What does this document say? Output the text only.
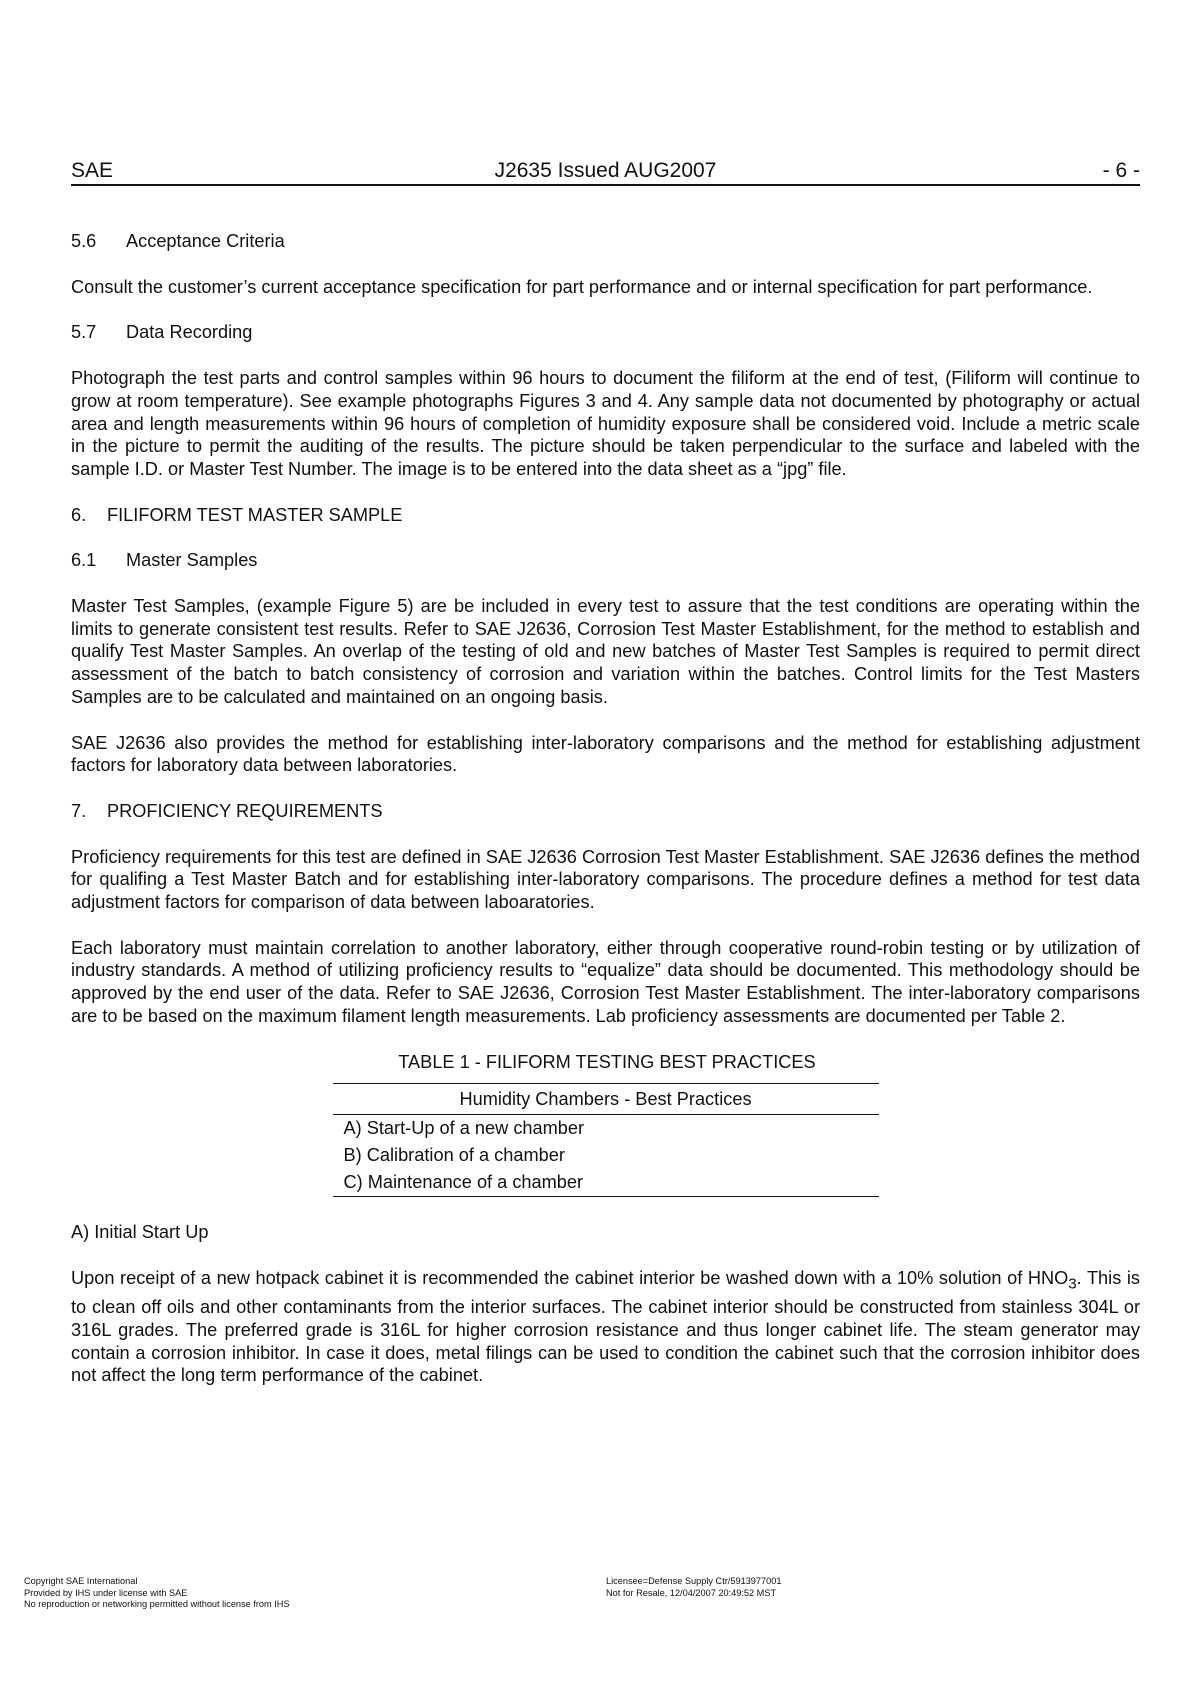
SAE	J2635 Issued AUG2007	- 6 -
5.6 Acceptance Criteria

Consult the customer’s current acceptance specification for part performance and or internal specification for part performance.

5.7 Data Recording

Photograph the test parts and control samples within 96 hours to document the filiform at the end of test, (Filiform will continue to grow at room temperature). See example photographs Figures 3 and 4. Any sample data not documented by photography or actual area and length measurements within 96 hours of completion of humidity exposure shall be considered void. Include a metric scale in the picture to permit the auditing of the results. The picture should be taken perpendicular to the surface and labeled with the sample I.D. or Master Test Number. The image is to be entered into the data sheet as a “jpg” file.

6. FILIFORM TEST MASTER SAMPLE
6.1 Master Samples

Master Test Samples, (example Figure 5) are be included in every test to assure that the test conditions are operating within the limits to generate consistent test results. Refer to SAE J2636, Corrosion Test Master Establishment, for the method to establish and qualify Test Master Samples. An overlap of the testing of old and new batches of Master Test Samples is required to permit direct assessment of the batch to batch consistency of corrosion and variation within the batches. Control limits for the Test Masters Samples are to be calculated and maintained on an ongoing basis.

SAE J2636 also provides the method for establishing inter-laboratory comparisons and the method for establishing adjustment factors for laboratory data between laboratories.

7. PROFICIENCY REQUIREMENTS

Proficiency requirements for this test are defined in SAE J2636 Corrosion Test Master Establishment. SAE J2636 defines the method for qualifing a Test Master Batch and for establishing inter-laboratory comparisons. The procedure defines a method for test data adjustment factors for comparison of data between laboaratories.

Each laboratory must maintain correlation to another laboratory, either through cooperative round-robin testing or by utilization of industry standards. A method of utilizing proficiency results to “equalize” data should be documented. This methodology should be approved by the end user of the data. Refer to SAE J2636, Corrosion Test Master Establishment. The inter-laboratory comparisons are to be based on the maximum filament length measurements. Lab proficiency assessments are documented per Table 2.

TABLE 1 - FILIFORM TESTING BEST PRACTICES
Humidity Chambers - Best Practices
A) Start-Up of a new chamber
B) Calibration of a chamber
C) Maintenance of a chamber
A) Initial Start Up

Upon receipt of a new hotpack cabinet it is recommended the cabinet interior be washed down with a 10% solution of $HNO_3$. This is to clean off oils and other contaminants from the interior surfaces. The cabinet interior should be constructed from stainless 304L or 316L grades. The preferred grade is 316L for higher corrosion resistance and thus longer cabinet life. The steam generator may contain a corrosion inhibitor. In case it does, metal filings can be used to condition the cabinet such that the corrosion inhibitor does not affect the long term performance of the cabinet.

Copyright SAE International
Provided by IHS under license with SAE
No reproduction or networking permitted without license from IHS
Licensee=Defense Supply Ctr/5913977001
Not for Resale, 12/04/2007 20:49:52 MST
